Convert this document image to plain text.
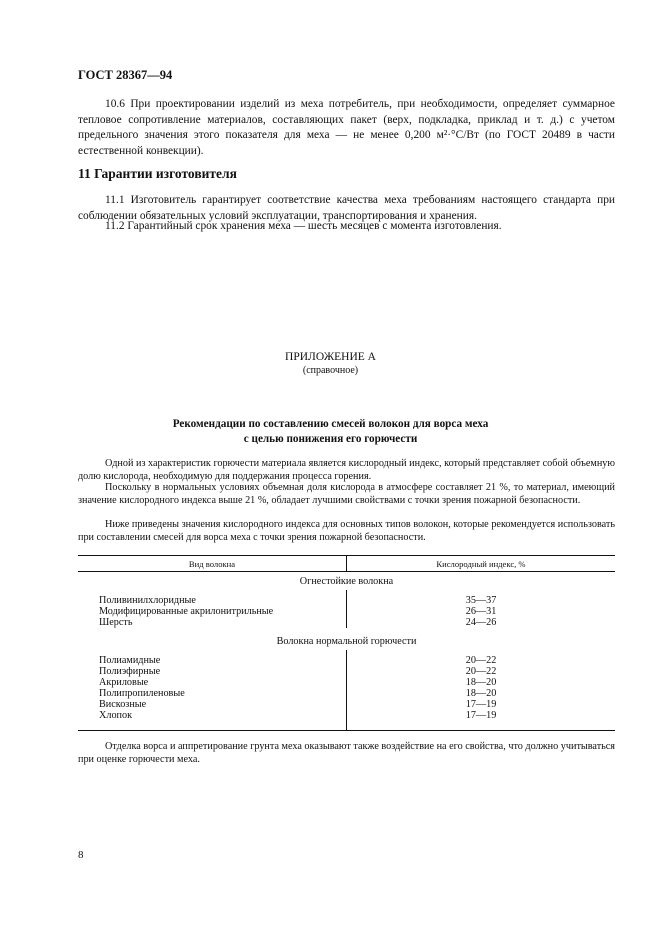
ГОСТ 28367—94
10.6 При проектировании изделий из меха потребитель, при необходимости, определяет суммарное тепловое сопротивление материалов, составляющих пакет (верх, подкладка, приклад и т. д.) с учетом предельного значения этого показателя для меха — не менее 0,200 м²·°С/Вт (по ГОСТ 20489 в части естественной конвекции).
11 Гарантии изготовителя
11.1 Изготовитель гарантирует соответствие качества меха требованиям настоящего стандарта при соблюдении обязательных условий эксплуатации, транспортирования и хранения.
11.2 Гарантийный срок хранения меха — шесть месяцев с момента изготовления.
ПРИЛОЖЕНИЕ А
(справочное)
Рекомендации по составлению смесей волокон для ворса меха
с целью понижения его горючести
Одной из характеристик горючести материала является кислородный индекс, который представляет собой объемную долю кислорода, необходимую для поддержания процесса горения.
Поскольку в нормальных условиях объемная доля кислорода в атмосфере составляет 21 %, то материал, имеющий значение кислородного индекса выше 21 %, обладает лучшими свойствами с точки зрения пожарной безопасности.
Ниже приведены значения кислородного индекса для основных типов волокон, которые рекомендуется использовать при составлении смесей для ворса меха с точки зрения пожарной безопасности.
Вид волокна	Кислородный индекс, %
Огнестойкие волокна
Поливинилхлоридные	35—37
Модифицированные акрилонитрильные	26—31
Шерсть	24—26
Волокна нормальной горючести
Полиамидные	20—22
Полиэфирные	20—22
Акриловые	18—20
Полипропиленовые	18—20
Вискозные	17—19
Хлопок	17—19
Отделка ворса и аппретирование грунта меха оказывают также воздействие на его свойства, что должно учитываться при оценке горючести меха.
8
